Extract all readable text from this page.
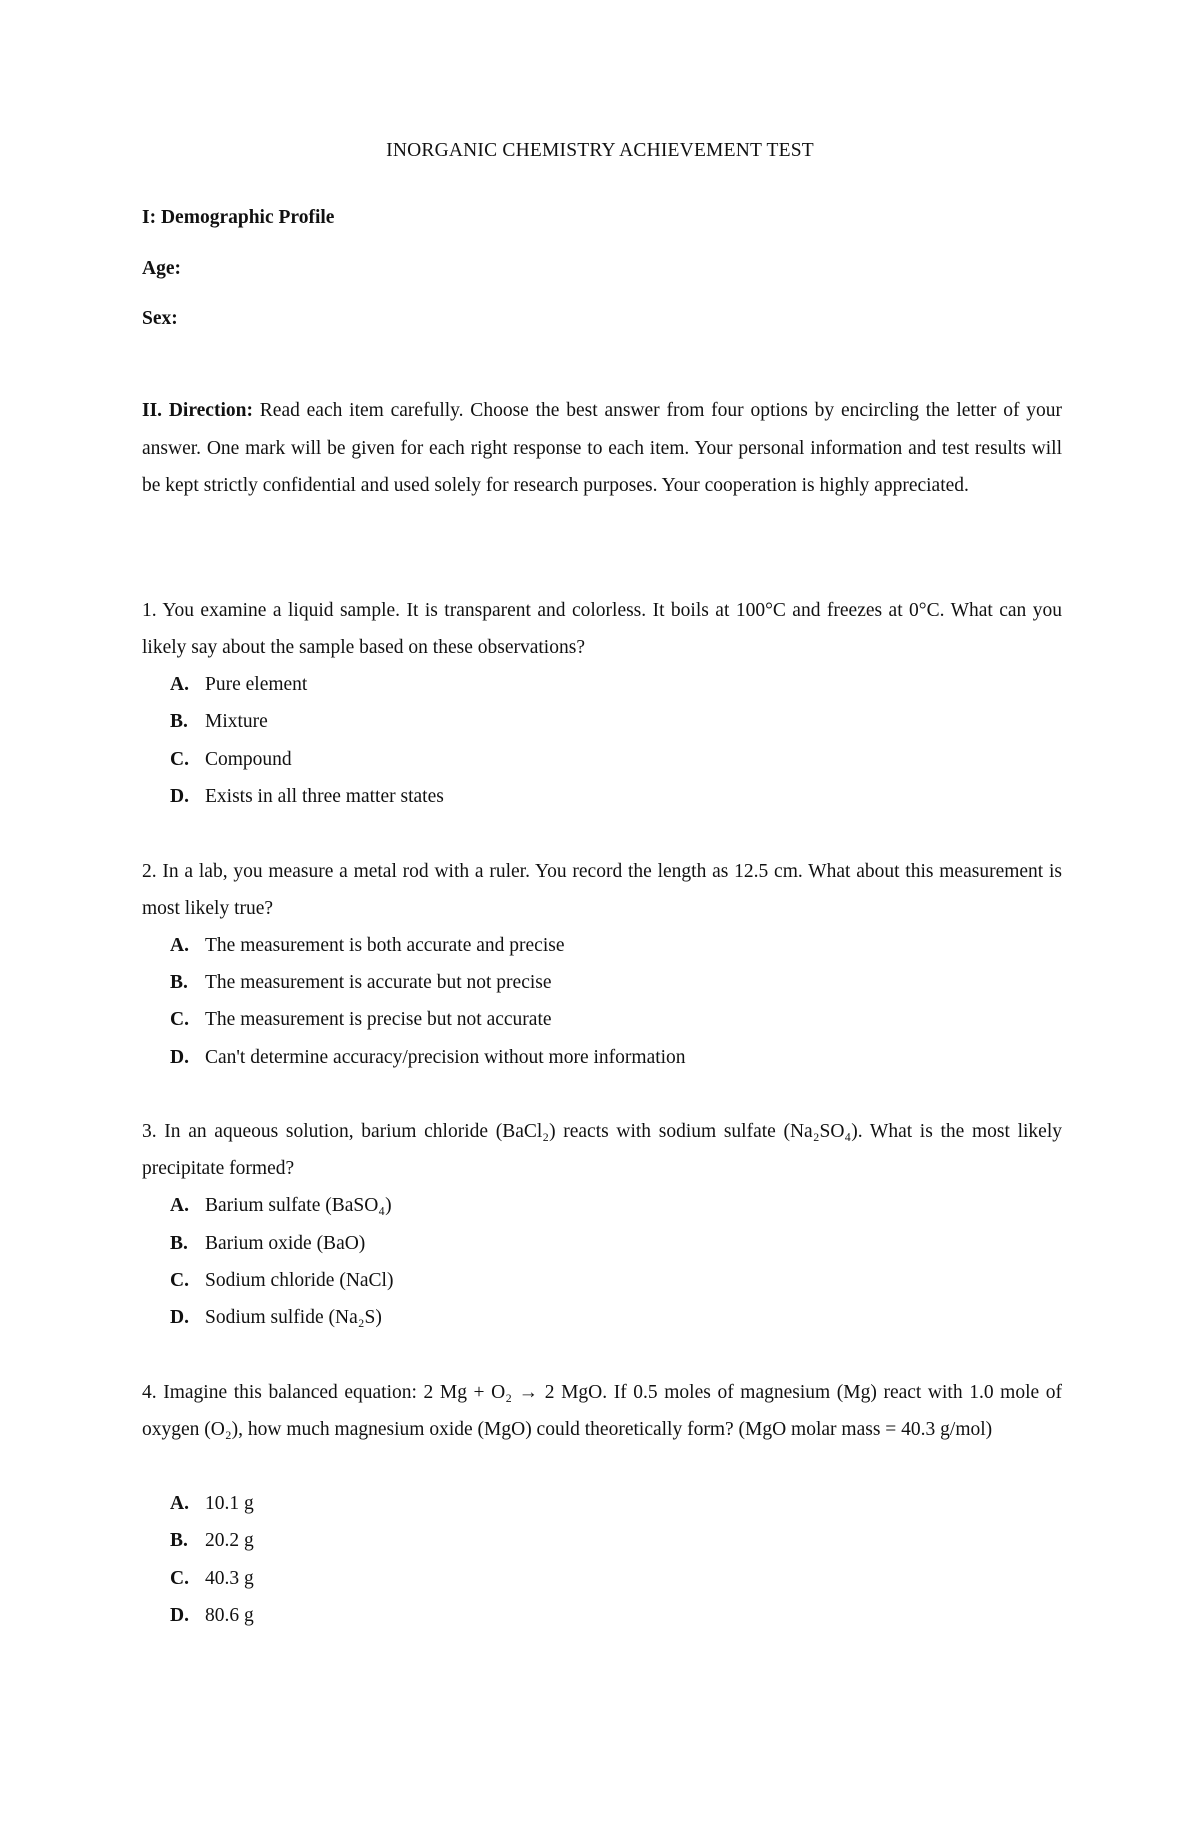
INORGANIC CHEMISTRY ACHIEVEMENT TEST
I: Demographic Profile
Age:
Sex:
II. Direction: Read each item carefully. Choose the best answer from four options by encircling the letter of your answer. One mark will be given for each right response to each item. Your personal information and test results will be kept strictly confidential and used solely for research purposes. Your cooperation is highly appreciated.
1. You examine a liquid sample. It is transparent and colorless. It boils at 100°C and freezes at 0°C. What can you likely say about the sample based on these observations?
A. Pure element
B. Mixture
C. Compound
D. Exists in all three matter states
2. In a lab, you measure a metal rod with a ruler. You record the length as 12.5 cm. What about this measurement is most likely true?
A. The measurement is both accurate and precise
B. The measurement is accurate but not precise
C. The measurement is precise but not accurate
D. Can't determine accuracy/precision without more information
3. In an aqueous solution, barium chloride (BaCl₂) reacts with sodium sulfate (Na₂SO₄). What is the most likely precipitate formed?
A. Barium sulfate (BaSO₄)
B. Barium oxide (BaO)
C. Sodium chloride (NaCl)
D. Sodium sulfide (Na₂S)
4. Imagine this balanced equation: 2 Mg + O₂ → 2 MgO. If 0.5 moles of magnesium (Mg) react with 1.0 mole of oxygen (O₂), how much magnesium oxide (MgO) could theoretically form? (MgO molar mass = 40.3 g/mol)
A. 10.1 g
B. 20.2 g
C. 40.3 g
D. 80.6 g
